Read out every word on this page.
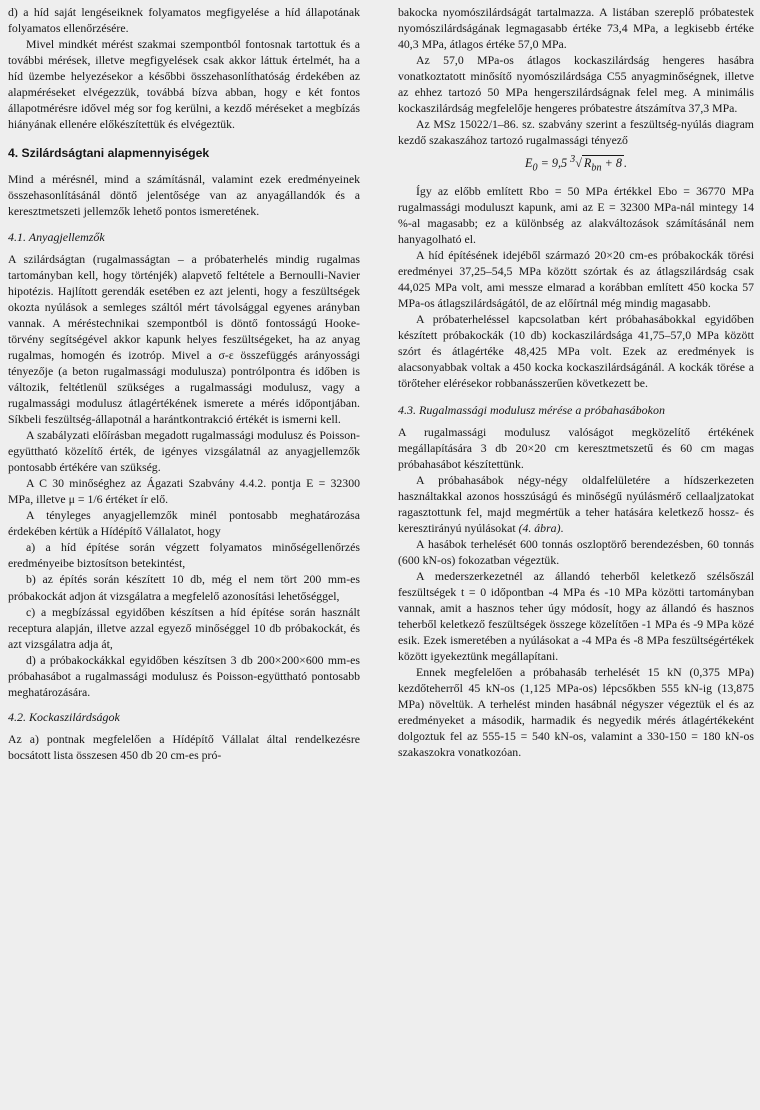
d) a híd saját lengéseiknek folyamatos megfigyelése a híd állapotának folyamatos ellenőrzésére.

Mivel mindkét mérést szakmai szempontból fontosnak tartottuk és a további mérések, illetve megfigyelések csak akkor láttuk értelmét, ha a híd üzembe helyezésekor a későbbi összehasonlíthatóság érdekében az alapméréseket elvégezzük, továbbá bízva abban, hogy e két fontos állapotmérésre idővel még sor fog kerülni, a kezdő méréseket a megbízás hiányának ellenére előkészítettük és elvégeztük.

4. Szilárdságtani alapmennyiségek

Mind a mérésnél, mind a számításnál, valamint ezek eredményeinek összehasonlításánál döntő jelentősége van az anyagállandók és a keresztmetszeti jellemzők lehető pontos ismeretének.

4.1. Anyagjellemzők

A szilárdságtan (rugalmasságtan – a próbaterhelés mindig rugalmas tartományban kell, hogy történjék) alapvető feltétele a Bernoulli-Navier hipotézis. Hajlított gerendák esetében ez azt jelenti, hogy a feszültségek okozta nyúlások a semleges száltól mért távolsággal egyenes arányban vannak. A méréstechnikai szempontból is döntő fontosságú Hooke-törvény segítségével akkor kapunk helyes feszültségeket, ha az anyag rugalmas, homogén és izotróp. Mivel a σ-ε összefüggés arányossági tényezője (a beton rugalmassági modulusza) pontrólpontra és időben is változik, feltétlenül szükséges a rugalmassági modulusz, vagy a rugalmassági modulusz átlagértékének ismerete a mérés időpontjában. Síkbeli feszültség-állapotnál a harántkontrakció értékét is ismerni kell.

A szabályzati előírásban megadott rugalmassági modulusz és Poisson-együttható közelítő érték, de igényes vizsgálatnál az anyagjellemzők pontosabb értékére van szükség.

A C 30 minőséghez az Ágazati Szabvány 4.4.2. pontja E = 32300 MPa, illetve μ = 1/6 értéket ír elő.

A tényleges anyagjellemzők minél pontosabb meghatározása érdekében kértük a Hídépítő Vállalatot, hogy

a) a híd építése során végzett folyamatos minőségellenőrzés eredményeibe biztosítson betekintést,

b) az építés során készített 10 db, még el nem tört 200 mm-es próbakockát adjon át vizsgálatra a megfelelő azonosítási lehetőséggel,

c) a megbízással egyidőben készítsen a híd építése során használt receptura alapján, illetve azzal egyező minőséggel 10 db próbakockát, és azt vizsgálatra adja át,

d) a próbakockákkal egyidőben készítsen 3 db 200×200×600 mm-es próbahasábot a rugalmassági modulusz és Poisson-együttható pontosabb meghatározására.

4.2. Kockaszilárdságok

Az a) pontnak megfelelően a Hídépítő Vállalat által rendelkezésre bocsátott lista összesen 450 db 20 cm-es pró-

bakocka nyomószilárdságát tartalmazza. A listában szereplő próbatestek nyomószilárdságának legmagasabb értéke 73,4 MPa, a legkisebb értéke 40,3 MPa, átlagos értéke 57,0 MPa.

Az 57,0 MPa-os átlagos kockaszilárdság hengeres hasábra vonatkoztatott minősítő nyomószilárdsága C55 anyagminőségnek, illetve az ehhez tartozó 50 MPa hengerszilárdságnak felel meg. A minimális kockaszilárdság megfelelője hengeres próbatestre átszámítva 37,3 MPa.

Az MSz 15022/1–86. sz. szabvány szerint a feszültség-nyúlás diagram kezdő szakaszához tartozó rugalmassági tényező

$E_0 = 9,5$ $^3$√ $R_{bn} + 8$ .

Így az előbb említett Rbo = 50 MPa értékkel Ebo = 36770 MPa rugalmassági moduluszt kapunk, ami az E = 32300 MPa-nál mintegy 14 %-al magasabb; ez a különbség az alakváltozások számításánál nem hanyagolható el.

A híd építésének idejéből származó 20×20 cm-es próbakockák törési eredményei 37,25–54,5 MPa között szórtak és az átlagszilárdság csak 44,025 MPa volt, ami messze elmarad a korábban említett 450 kocka 57 MPa-os átlagszilárdságától, de az előírtnál még mindig magasabb.

A próbaterheléssel kapcsolatban kért próbahasábokkal egyidőben készített próbakockák (10 db) kockaszilárdsága 41,75–57,0 MPa között szórt és átlagértéke 48,425 MPa volt. Ezek az eredmények is alacsonyabbak voltak a 450 kocka kockaszilárdságánál. A kockák törése a törőteher elérésekor robbanásszerűen következett be.

4.3. Rugalmassági modulusz mérése a próbahasábokon

A rugalmassági modulusz valóságot megközelítő értékének megállapítására 3 db 20×20 cm keresztmetszetű és 60 cm magas próbahasábot készítettünk.

A próbahasábok négy-négy oldalfelületére a hídszerkezeten használtakkal azonos hosszúságú és minőségű nyúlásmérő cellaaljzatokat ragasztottunk fel, majd megmértük a teher hatására keletkező hossz- és keresztirányú nyúlásokat (4. ábra).

A hasábok terhelését 600 tonnás oszloptörő berendezésben, 60 tonnás (600 kN-os) fokozatban végeztük.

A mederszerkezetnél az állandó teherből keletkező szélsőszál feszültségek t = 0 időpontban -4 MPa és -10 MPa közötti tartományban vannak, amit a hasznos teher úgy módosít, hogy az állandó és hasznos teherből keletkező feszültségek összege közelítően -1 MPa és -9 MPa közé esik. Ezek ismeretében a nyúlásokat a -4 MPa és -8 MPa feszültségértékek között igyekeztünk megállapítani.

Ennek megfelelően a próbahasáb terhelését 15 kN (0,375 MPa) kezdőteherről 45 kN-os (1,125 MPa-os) lépcsőkben 555 kN-ig (13,875 MPa) növeltük. A terhelést minden hasábnál négyszer végeztük el és az eredményeket a második, harmadik és negyedik mérés átlagértékeként dolgoztuk fel az 555-15 = 540 kN-os, valamint a 330-150 = 180 kN-os szakaszokra vonatkozóan.
